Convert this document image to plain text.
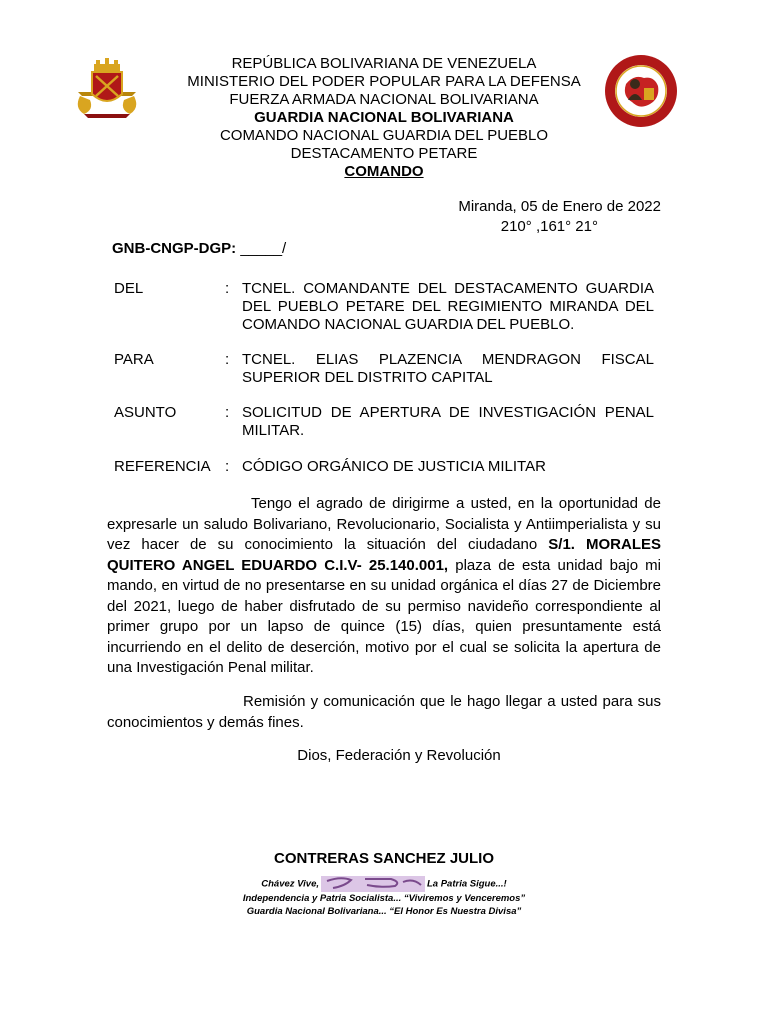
REPÚBLICA BOLIVARIANA DE VENEZUELA
MINISTERIO DEL PODER POPULAR PARA LA DEFENSA
FUERZA ARMADA NACIONAL BOLIVARIANA
GUARDIA NACIONAL BOLIVARIANA
COMANDO NACIONAL GUARDIA DEL PUEBLO
DESTACAMENTO PETARE
COMANDO
Miranda, 05 de Enero de 2022
210° ,161° 21°
GNB-CNGP-DGP: _____/
DEL	: TCNEL. COMANDANTE DEL DESTACAMENTO GUARDIA DEL PUEBLO PETARE DEL REGIMIENTO MIRANDA DEL COMANDO NACIONAL GUARDIA DEL PUEBLO.
PARA	: TCNEL. ELIAS PLAZENCIA MENDRAGON FISCAL SUPERIOR DEL DISTRITO CAPITAL
ASUNTO	: SOLICITUD DE APERTURA DE INVESTIGACIÓN PENAL MILITAR.
REFERENCIA : CÓDIGO ORGÁNICO DE JUSTICIA MILITAR
Tengo el agrado de dirigirme a usted, en la oportunidad de expresarle un saludo Bolivariano, Revolucionario, Socialista y Antiimperialista y su vez hacer de su conocimiento la situación del ciudadano S/1. MORALES QUITERO ANGEL EDUARDO C.I.V- 25.140.001, plaza de esta unidad bajo mi mando, en virtud de no presentarse en su unidad orgánica el días 27 de Diciembre del 2021, luego de haber disfrutado de su permiso navideño correspondiente al primer grupo por un lapso de quince (15) días, quien presuntamente está incurriendo en el delito de deserción, motivo por el cual se solicita la apertura de una Investigación Penal militar.
Remisión y comunicación que le hago llegar a usted para sus conocimientos y demás fines.
Dios, Federación y Revolución
CONTRERAS SANCHEZ JULIO
Chávez Vive,	La Patria Sigue...!
Independencia y Patria Socialista... “Viviremos y Venceremos”
Guardia Nacional Bolivariana... “El Honor Es Nuestra Divisa”
